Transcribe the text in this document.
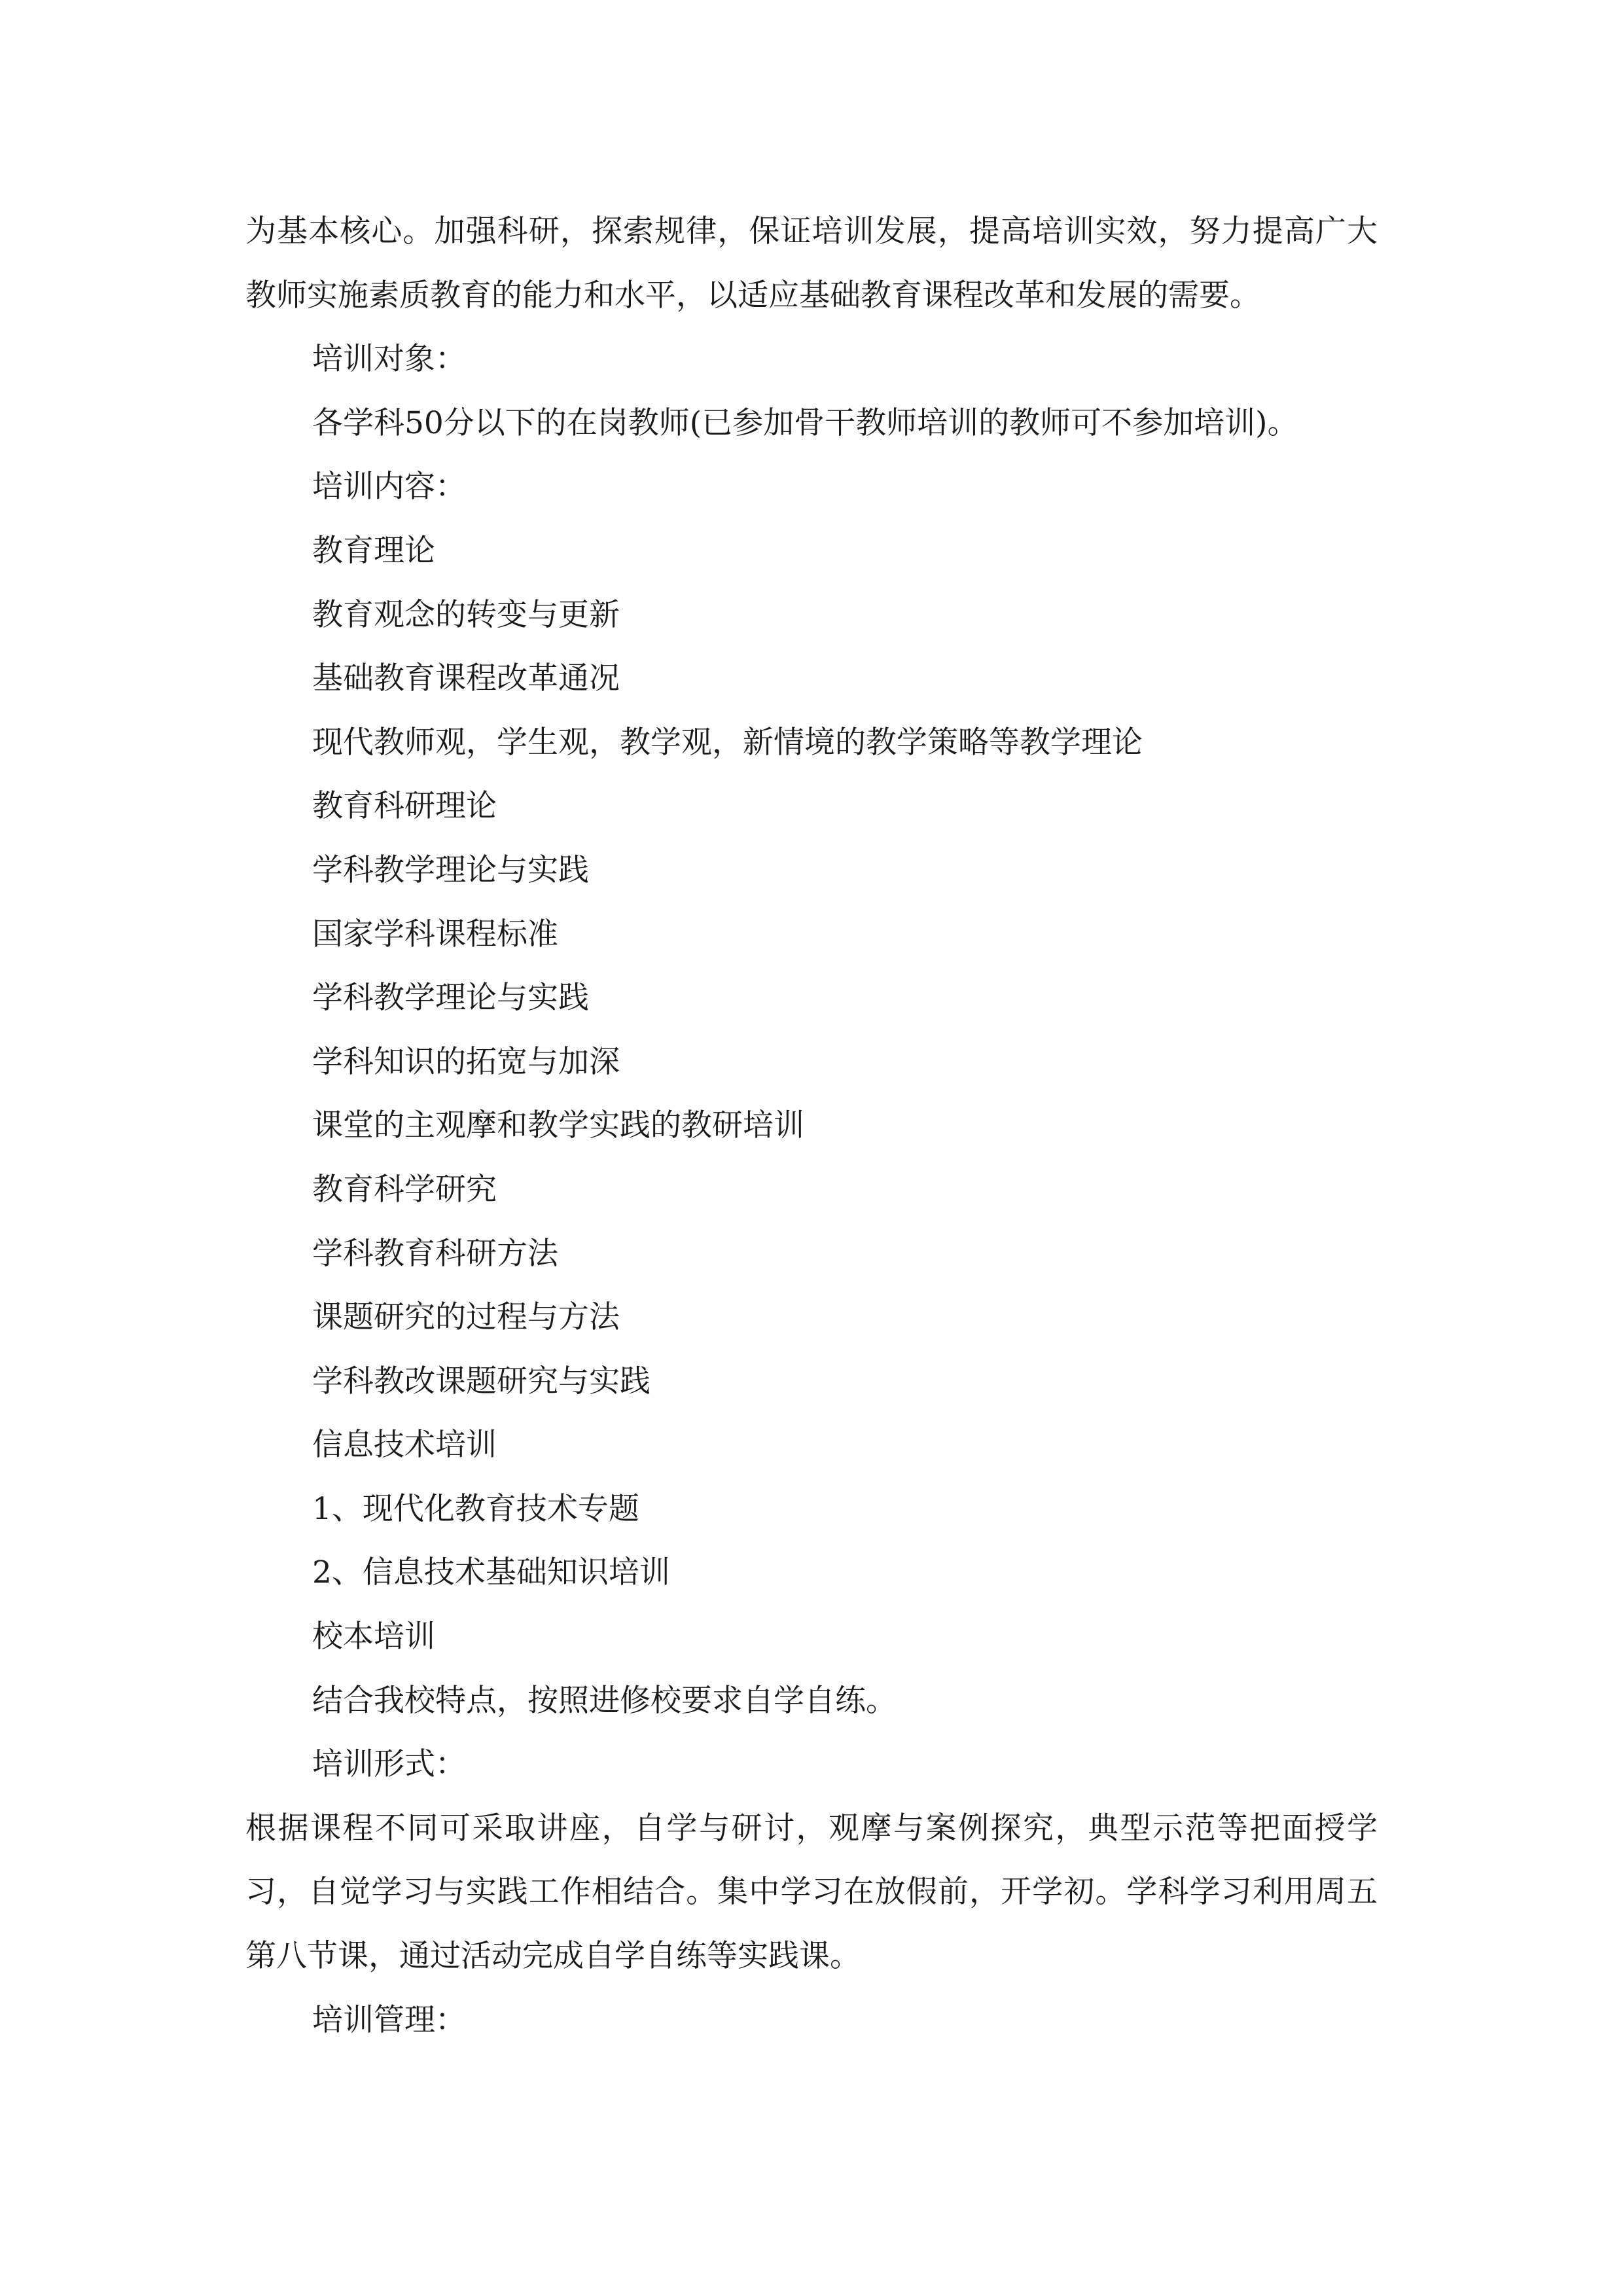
为基本核心。加强科研，探索规律，保证培训发展，提高培训实效，努力提高广大教师实施素质教育的能力和水平，以适应基础教育课程改革和发展的需要。

培训对象：

各学科50分以下的在岗教师(已参加骨干教师培训的教师可不参加培训)。

培训内容：

教育理论

教育观念的转变与更新

基础教育课程改革通况

现代教师观，学生观，教学观，新情境的教学策略等教学理论

教育科研理论

学科教学理论与实践

国家学科课程标准

学科教学理论与实践

学科知识的拓宽与加深

课堂的主观摩和教学实践的教研培训

教育科学研究

学科教育科研方法

课题研究的过程与方法

学科教改课题研究与实践

信息技术培训

1、现代化教育技术专题

2、信息技术基础知识培训

校本培训

结合我校特点，按照进修校要求自学自练。

培训形式：

根据课程不同可采取讲座，自学与研讨，观摩与案例探究，典型示范等把面授学习，自觉学习与实践工作相结合。集中学习在放假前，开学初。学科学习利用周五第八节课，通过活动完成自学自练等实践课。

培训管理：
